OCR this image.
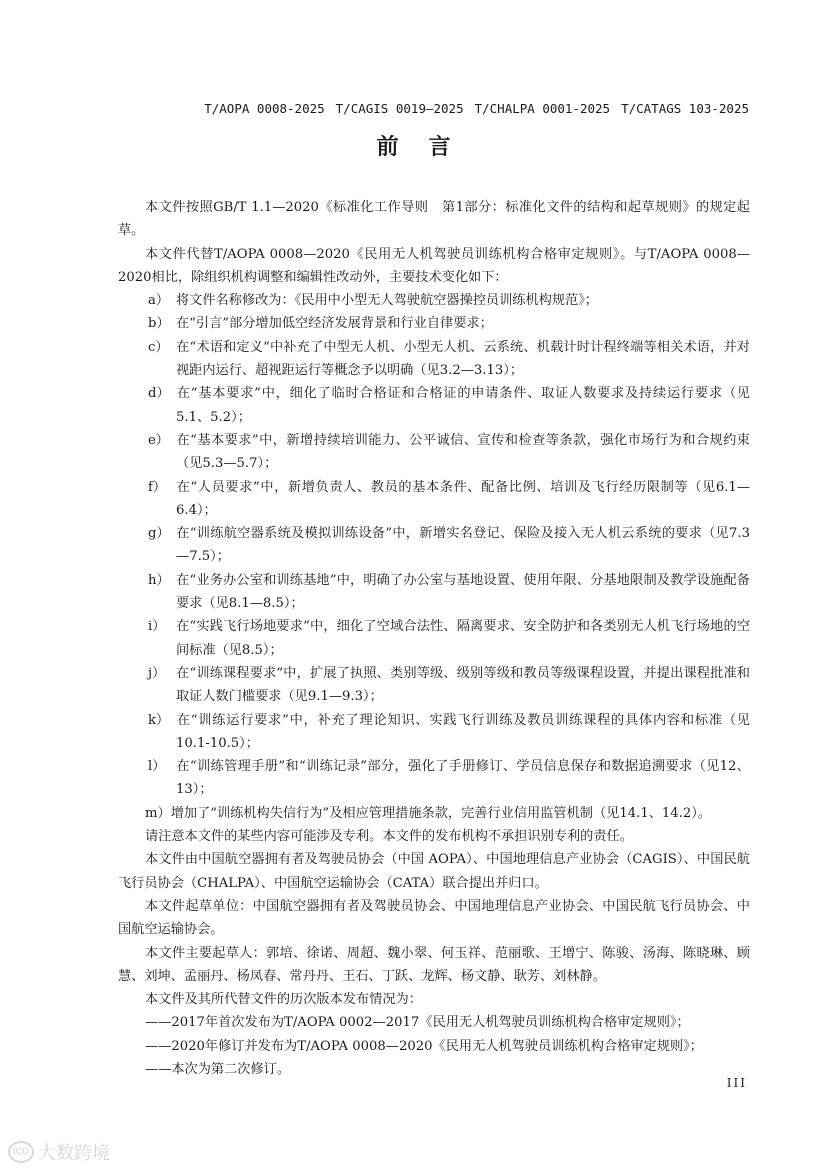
T/AOPA 0008-2025 T/CAGIS 0019—2025 T/CHALPA 0001-2025 T/CATAGS 103-2025
前言

本文件按照GB/T 1.1—2020《标准化工作导则　第1部分：标准化文件的结构和起草规则》的规定起草。

本文件代替T/AOPA 0008—2020《民用无人机驾驶员训练机构合格审定规则》。与T/AOPA 0008—2020相比，除组织机构调整和编辑性改动外，主要技术变化如下：

a） 将文件名称修改为：《民用中小型无人驾驶航空器操控员训练机构规范》；

b） 在“引言”部分增加低空经济发展背景和行业自律要求；

c） 在“术语和定义”中补充了中型无人机、小型无人机、云系统、机载计时计程终端等相关术语，并对视距内运行、超视距运行等概念予以明确（见3.2—3.13）；

d） 在“基本要求”中，细化了临时合格证和合格证的申请条件、取证人数要求及持续运行要求（见5.1、5.2）；

e） 在“基本要求”中，新增持续培训能力、公平诚信、宣传和检查等条款，强化市场行为和合规约束（见5.3—5.7）；

f） 在“人员要求”中，新增负责人、教员的基本条件、配备比例、培训及飞行经历限制等（见6.1—6.4）；

g） 在“训练航空器系统及模拟训练设备”中，新增实名登记、保险及接入无人机云系统的要求（见7.3—7.5）；

h） 在“业务办公室和训练基地”中，明确了办公室与基地设置、使用年限、分基地限制及教学设施配备要求（见8.1—8.5）；

i） 在“实践飞行场地要求”中，细化了空域合法性、隔离要求、安全防护和各类别无人机飞行场地的空间标准（见8.5）；

j） 在“训练课程要求”中，扩展了执照、类别等级、级别等级和教员等级课程设置，并提出课程批准和取证人数门槛要求（见9.1—9.3）；

k） 在“训练运行要求”中，补充了理论知识、实践飞行训练及教员训练课程的具体内容和标准（见10.1-10.5）；

l） 在“训练管理手册”和“训练记录”部分，强化了手册修订、学员信息保存和数据追溯要求（见12、13）；

m）增加了“训练机构失信行为”及相应管理措施条款，完善行业信用监管机制（见14.1、14.2）。

请注意本文件的某些内容可能涉及专利。本文件的发布机构不承担识别专利的责任。

本文件由中国航空器拥有者及驾驶员协会（中国 AOPA）、中国地理信息产业协会（CAGIS）、中国民航飞行员协会（CHALPA）、中国航空运输协会（CATA）联合提出并归口。

本文件起草单位：中国航空器拥有者及驾驶员协会、中国地理信息产业协会、中国民航飞行员协会、中国航空运输协会。

本文件主要起草人：郭培、徐诺、周超、魏小翠、何玉祥、范丽歌、王增宁、陈骏、汤海、陈晓琳、顾慧、刘坤、孟丽丹、杨凤春、常丹丹、王石、丁跃、龙辉、杨文静、耿芳、刘林静。

本文件及其所代替文件的历次版本发布情况为：

——2017年首次发布为T/AOPA 0002—2017《民用无人机驾驶员训练机构合格审定规则》；

——2020年修订并发布为T/AOPA 0008—2020《民用无人机驾驶员训练机构合格审定规则》；

——本次为第二次修订。

III
ICO 大数跨境
